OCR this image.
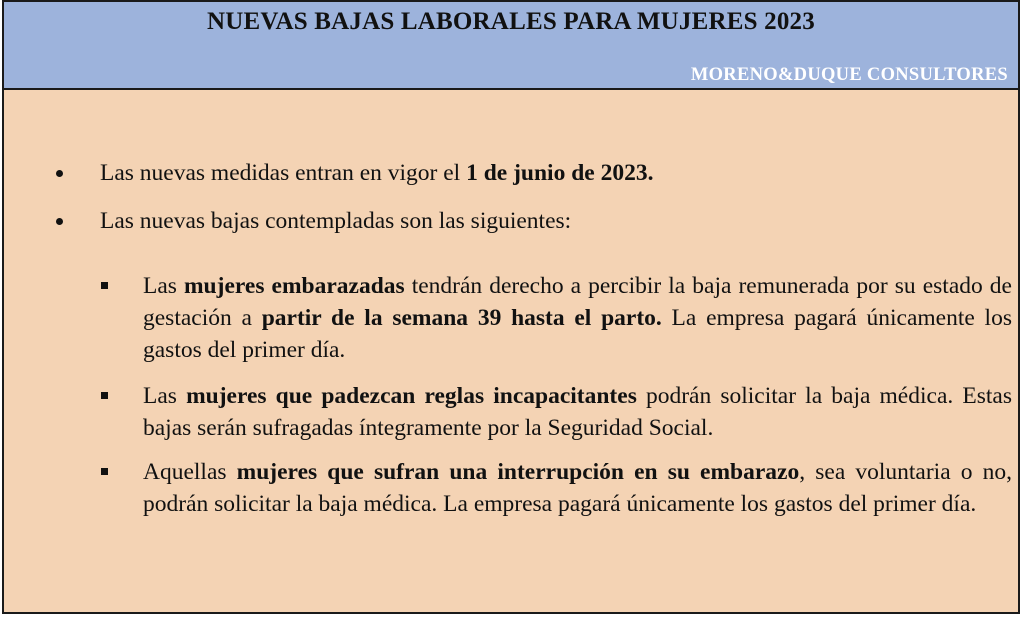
NUEVAS BAJAS LABORALES PARA MUJERES 2023
MORENO&DUQUE CONSULTORES
Las nuevas medidas entran en vigor el 1 de junio de 2023.
Las nuevas bajas contempladas son las siguientes:
Las mujeres embarazadas tendrán derecho a percibir la baja remunerada por su estado de gestación a partir de la semana 39 hasta el parto. La empresa pagará únicamente los gastos del primer día.
Las mujeres que padezcan reglas incapacitantes podrán solicitar la baja médica. Estas bajas serán sufragadas íntegramente por la Seguridad Social.
Aquellas mujeres que sufran una interrupción en su embarazo, sea voluntaria o no, podrán solicitar la baja médica. La empresa pagará únicamente los gastos del primer día.
